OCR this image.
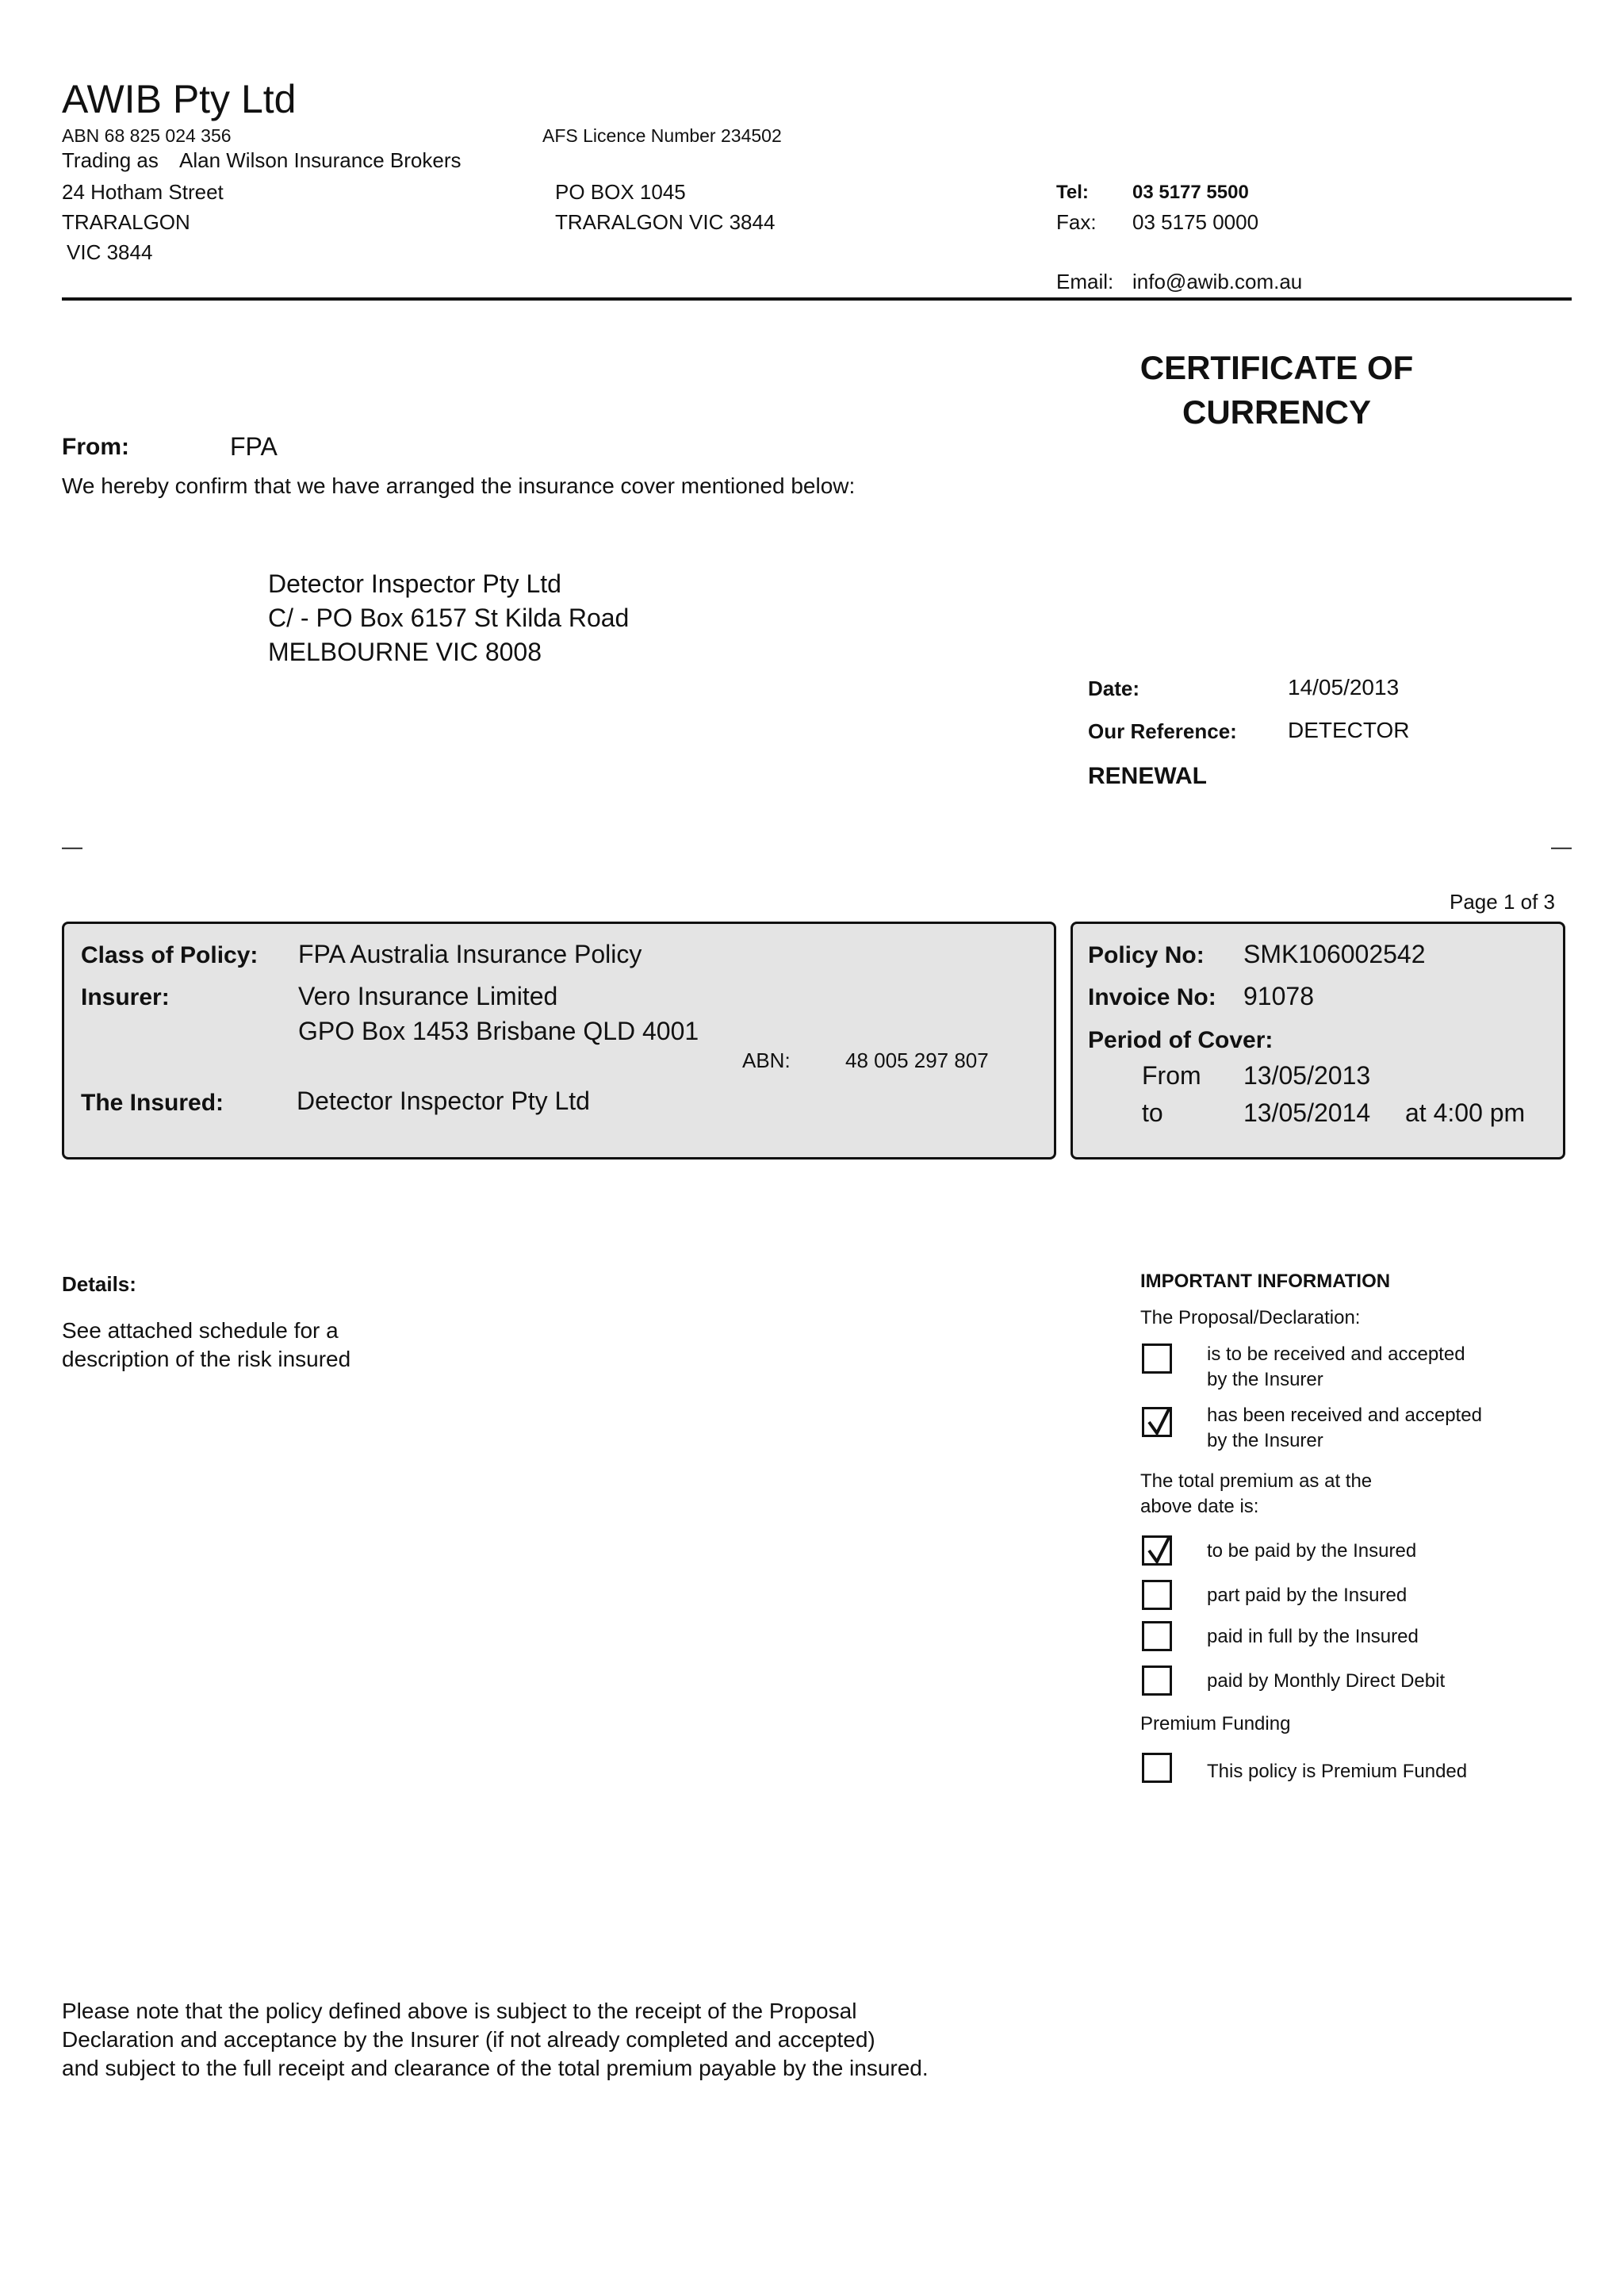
AWIB Pty Ltd
ABN 68 825 024 356	AFS Licence Number 234502
Trading as Alan Wilson Insurance Brokers
24 Hotham Street
TRARALGON
VIC 3844
PO BOX 1045
TRARALGON VIC 3844
Tel: 03 5177 5500
Fax: 03 5175 0000
Email: info@awib.com.au
CERTIFICATE OF
CURRENCY
From:	FPA
We hereby confirm that we have arranged the insurance cover mentioned below:
Detector Inspector Pty Ltd
C/ - PO Box 6157 St Kilda Road
MELBOURNE VIC 8008
Date:	14/05/2013
Our Reference: DETECTOR
RENEWAL
—	—
Page 1 of 3
Class of Policy: FPA Australia Insurance Policy
Insurer:	Vero Insurance Limited
GPO Box 1453 Brisbane QLD 4001
ABN:	48 005 297 807
The Insured:	Detector Inspector Pty Ltd
Policy No: SMK106002542
Invoice No: 91078
Period of Cover:
From 13/05/2013
to	13/05/2014 at 4:00 pm
Details:
See attached schedule for a
description of the risk insured
IMPORTANT INFORMATION
The Proposal/Declaration:
is to be received and accepted
by the Insurer
has been received and accepted
by the Insurer
The total premium as at the
above date is:
to be paid by the Insured
part paid by the Insured
paid in full by the Insured
paid by Monthly Direct Debit
Premium Funding
This policy is Premium Funded
Please note that the policy defined above is subject to the receipt of the Proposal
Declaration and acceptance by the Insurer (if not already completed and accepted)
and subject to the full receipt and clearance of the total premium payable by the insured.
